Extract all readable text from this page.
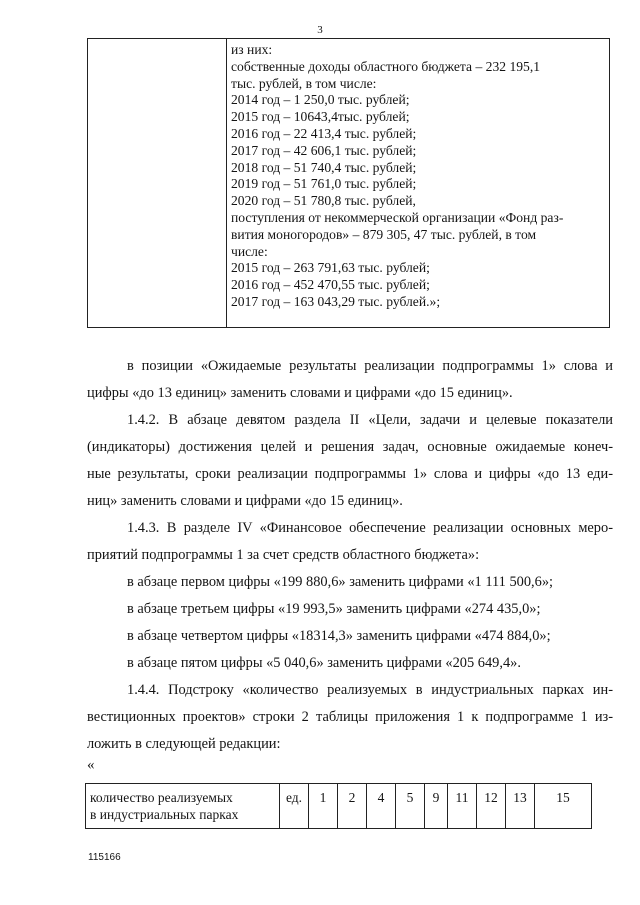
3

из них:
собственные доходы областного бюджета – 232 195,1
тыс. рублей, в том числе:
2014 год – 1 250,0 тыс. рублей;
2015 год – 10643,4тыс. рублей;
2016 год – 22 413,4 тыс. рублей;
2017 год – 42 606,1 тыс. рублей;
2018 год – 51 740,4 тыс. рублей;
2019 год – 51 761,0 тыс. рублей;
2020 год – 51 780,8 тыс. рублей,
поступления от некоммерческой организации «Фонд раз-
вития моногородов» – 879 305, 47 тыс. рублей, в том
числе:
2015 год – 263 791,63 тыс. рублей;
2016 год – 452 470,55 тыс. рублей;
2017 год – 163 043,29 тыс. рублей.»;
в позиции «Ожидаемые результаты реализации подпрограммы 1» слова и
цифры «до 13 единиц» заменить словами и цифрами «до 15 единиц».
1.4.2. В абзаце девятом раздела II «Цели, задачи и целевые показатели
(индикаторы) достижения целей и решения задач, основные ожидаемые конеч-
ные результаты, сроки реализации подпрограммы 1» слова и цифры «до 13 еди-
ниц» заменить словами и цифрами «до 15 единиц».
1.4.3. В разделе IV «Финансовое обеспечение реализации основных меро-
приятий подпрограммы 1 за счет средств областного бюджета»:
в абзаце первом цифры «199 880,6» заменить цифрами «1 111 500,6»;
в абзаце третьем цифры «19 993,5» заменить цифрами «274 435,0»;
в абзаце четвертом цифры «18314,3» заменить цифрами «474 884,0»;
в абзаце пятом цифры «5 040,6» заменить цифрами «205 649,4».
1.4.4. Подстроку «количество реализуемых в индустриальных парках ин-
вестиционных проектов» строки 2 таблицы приложения 1 к подпрограмме 1 из-
ложить в следующей редакции:
«
количество реализуемых
в индустриальных парках
	ед.	1	2	4	5	9	11	12	13	15
115166
